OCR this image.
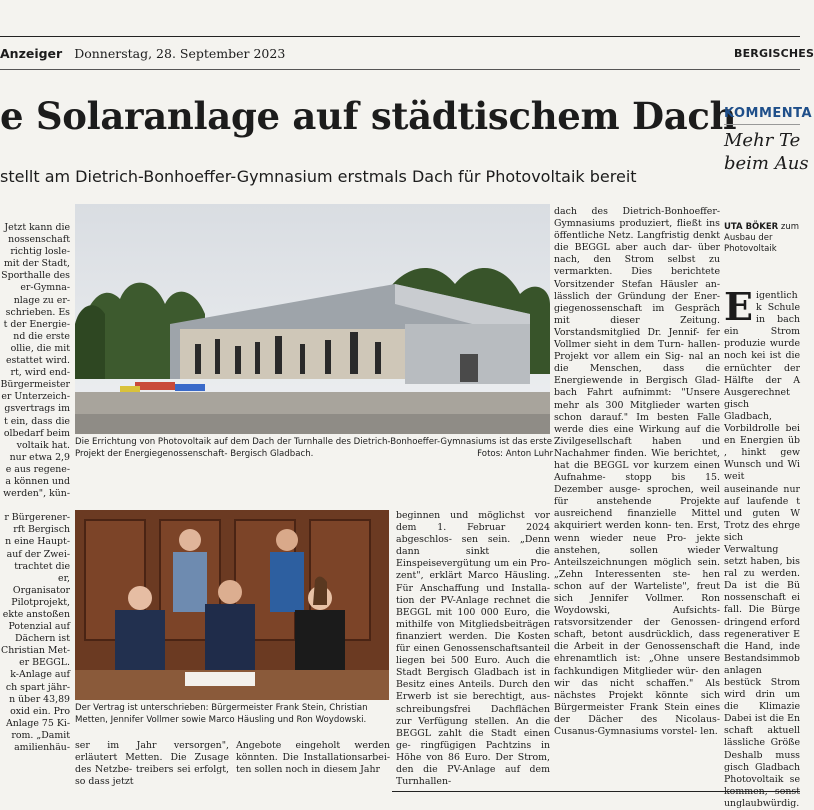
Anzeiger Donnerstag, 28. September 2023	BERGISCHES
e Solaranlage auf städtischem Dach
stellt am Dietrich-Bonhoeffer-Gymnasium erstmals Dach für Photovoltaik bereit
KOMMENTA
Mehr Te
beim Aus
UTA BÖKER zum
Ausbau der Photovoltaik
Eigentlich k Schule in bach ein Strom produzie wurde noch kei ist die ernüchter der Hälfte der A Ausgerechnet gisch Gladbach, Vorbildrolle bei en Energien üb , hinkt gew Wunsch und Wi weit auseinande nur auf laufende t und guten W Trotz des ehrge sich Verwaltung setzt haben, bis ral zu werden. Da ist die Bü nossenschaft ei fall. Die Bürge dringend erford regenerativer E die Hand, inde Bestandsimmob anlagen bestück Strom wird drin um die Klimazie Dabei ist die En schaft aktuell lässliche Größe Deshalb muss gisch Gladbach Photovoltaik se kommen, sonst unglaubwürdig.
Jetzt kann die
nossenschaft
richtig losle-
mit der Stadt,
Sporthalle des
er-Gymna-
nlage zu er-
schrieben. Es
t der Energie-
nd die erste
ollie, die mit
estattet wird.
rt, wird end-
Bürgermeister
er Unterzeich-
gsvertrags im
t ein, dass die
olbedarf beim
voltaik hat.
nur etwa 2,9
e aus regene-
a können und
werden", kün-

r Bürgerener-
rft Bergisch
n eine Haupt-
auf der Zwei-
trachtet die
er, Organisator
Pilotprojekt,
ekte anstoßen
Potenzial auf
Dächern ist
Christian Met-
er BEGGL.
k-Anlage auf
ch spart jähr-
n über 43,89
oxid ein. Pro
Anlage 75 Ki-
rom. „Damit
amilienhäu-
Die Errichtung von Photovoltaik auf dem Dach der Turnhalle des Dietrich-Bonhoeffer-Gymnasiums ist das erste Projekt der Energiegenossenschaft- Bergisch Gladbach.	Fotos: Anton Luhr
Der Vertrag ist unterschrieben: Bürgermeister Frank Stein, Christian Metten, Jennifer Vollmer sowie Marco Häusling und Ron Woydowski.
ser im Jahr versorgen", erläutert Metten. Die Zusage des Netzbe- treibers sei erfolgt, so dass jetzt
Angebote eingeholt werden könnten. Die Installationsarbei- ten sollen noch in diesem Jahr
beginnen und möglichst vor dem 1. Februar 2024 abgeschlos- sen sein. „Denn dann sinkt die Einspeisevergütung um ein Pro- zent", erklärt Marco Häusling. Für Anschaffung und Installa- tion der PV-Anlage rechnet die BEGGL mit 100 000 Euro, die mithilfe von Mitgliedsbeiträgen finanziert werden. Die Kosten für einen Genossenschaftsanteil liegen bei 500 Euro. Auch die Stadt Bergisch Gladbach ist in Besitz eines Anteils. Durch den Erwerb ist sie berechtigt, aus- schreibungsfrei Dachflächen zur Verfügung stellen. An die BEGGL zahlt die Stadt einen ge- ringfügigen Pachtzins in Höhe von 86 Euro. Der Strom, den die PV-Anlage auf dem Turnhallen-
dach des Dietrich-Bonhoeffer- Gymnasiums produziert, fließt ins öffentliche Netz. Langfristig denkt die BEGGL aber auch dar- über nach, den Strom selbst zu vermarkten. Dies berichtete Vorsitzender Stefan Häusler an- lässlich der Gründung der Ener- giegenossenschaft im Gespräch mit dieser Zeitung. Vorstandsmitglied Dr. Jennif- fer Vollmer sieht in dem Turn- hallen-Projekt vor allem ein Sig- nal an die Menschen, dass die Energiewende in Bergisch Glad- bach Fahrt aufnimmt: "Unsere mehr als 300 Mitglieder warten schon darauf." Im besten Falle werde dies eine Wirkung auf die Zivilgesellschaft haben und Nachahmer finden. Wie berichtet, hat die BEGGL vor kurzem einen Aufnahme- stopp bis 15. Dezember ausge- sprochen, weil für anstehende Projekte ausreichend finanzielle Mittel akquiriert werden konn- ten. Erst, wenn wieder neue Pro- jekte anstehen, sollen wieder Anteilszeichnungen möglich sein. „Zehn Interessenten ste- hen schon auf der Warteliste", freut sich Jennifer Vollmer. Ron Woydowski, Aufsichts- ratsvorsitzender der Genossen- schaft, betont ausdrücklich, dass die Arbeit in der Genossenschaft ehrenamtlich ist: „Ohne unsere fachkundigen Mitglieder wür- den wir das nicht schaffen." Als nächstes Projekt könnte sich Bürgermeister Frank Stein eines der Dächer des Nicolaus- Cusanus-Gymnasiums vorstel- len.
